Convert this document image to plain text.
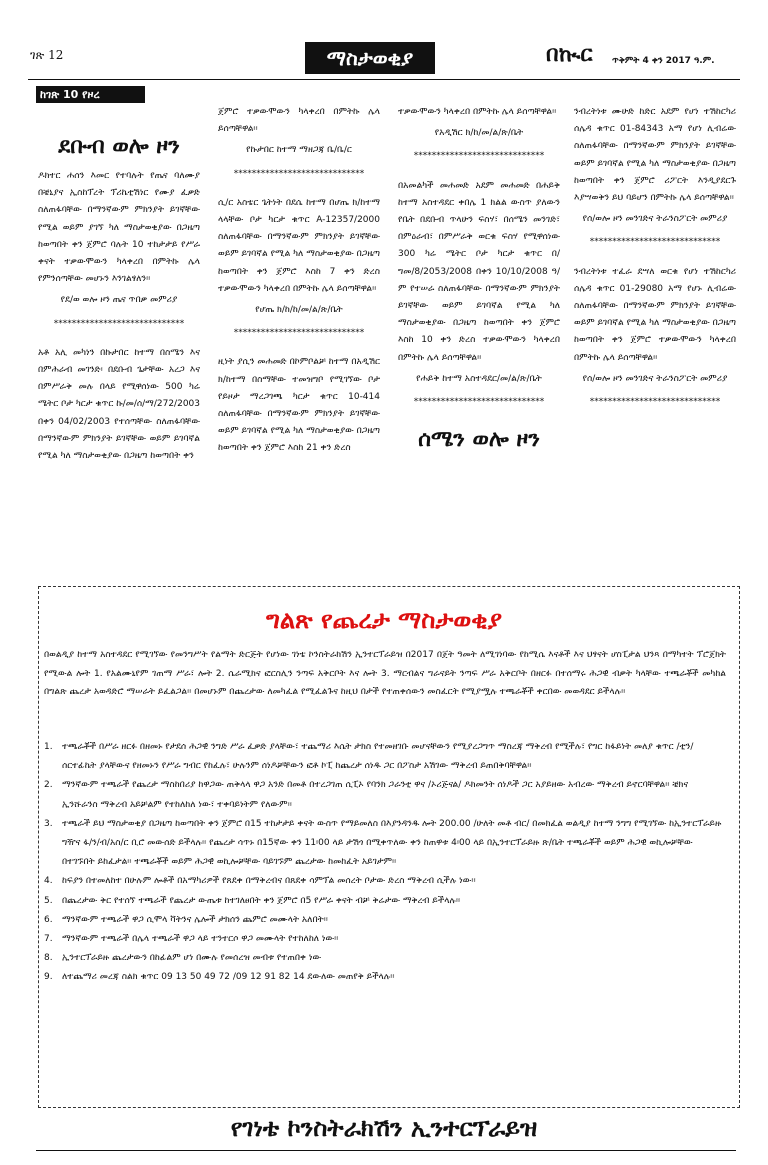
ገጽ 12	ማስታወቂያ	በኲር ጥቅምት 4 ቀን 2017 ዓ.ም.
ከገጽ 10 የዞረ
ደቡብ ወሎ ዞን

ዶክተር ሐሰን እመር የተባሉት የጤና ባለሙያ በቼኒያና ኢስከፕረት ፕሪኬቲሽነር የሙያ ፈቃድ ስለጠፋባቸው በማንኛውም ምክንያት ይገኛቸው የሚል ወይም ያገኘ ካለ ማስታወቂያው በጋዜጣ ከወጣበት ቀን ጀምሮ ባሉት 10 ተከታታይ የሥራ ቀናት ተቃውሞውን ካላቀረበ በምትኩ ሌላ የምንሰጣቸው መሆኑን እንገልፃለን፡፡

የደ/ወ ወሎ ዞን ጤና ጥበቃ መምሪያ

*****************************

አቶ አሊ መካነን በኩታበር ከተማ በስሜን እና በምሕራብ መገንድ፡ በደቡብ ጌታቸው አረጋ እና በምሥራቅ መሉ በላይ የሚዋሰነው 500 ካሬ ሜትር ቦታ ካርታ ቁጥር ኩ/መ/ሰ/ማ/272/2003 በቀን 04/02/2003 የተሰጣቸው ስለጠፋባቸው በማንኛውም ምክንያት ይገኛቸው ወይም ይገባኛል የሚል ካለ ማስታወቂያው በጋዜጣ ከወጣበት ቀን

ጀምሮ ተቃውሞውን ካላቀረበ በምትኩ ሌላ ይሰጣቸዋል፡፡

የኩታበር ከተማ ማዘጋጃ ቤ/ቤ/ር

*****************************

ሲ/ር አስቴር ጌትነት በደሴ ከተማ በሆጤ ክ/ከተማ ላላቸው ቦታ ካርታ ቁጥር A-12357/2000 ስለጠፋባቸው በማንኛውም ምክንያት ይገኛቸው ወይም ይገባኛል የሚል ካለ ማስታወቂያው በጋዜጣ ከወጣበት ቀን ጀምሮ እስከ 7 ቀን ድረስ ተቃውሞውን ካላቀረበ በምትኩ ሌላ ይሰጣቸዋል፡፡

የሆጤ ክ/ከ/ከ/መ/ል/ጽ/ቤት

*****************************

ዚነት ያሲን መሐመድ በኮምቦልቻ ከተማ በአዲሽር ክ/ከተማ በስማቸው ተመዝግቦ የሚገኘው ቦታ የይዞታ ማረጋገጫ ካርታ ቁጥር 10-414 ስለጠፋባቸው በማንኛውም ምክንያት ይገኛቸው ወይም ይገባኛል የሚል ካለ ማስታወቂያው በጋዜጣ ከወጣበት ቀን ጀምሮ እስከ 21 ቀን ድረስ

ተቃውሞውን ካላቀረበ በምትኩ ሌላ ይሰጣቸዋል፡፡

የአዲሽር ክ/ከ/መ/ል/ጽ/ቤት

*****************************

በአመልካች መሐመድ አደም መሐመድ በሐይቅ ከተማ አስተዳደር ቀበሌ 1 ክልል ውስጥ ያለውን የቤት በደቡብ ጥላሁን ፍስሃ፣ በሰሜን መንገድ፣ በምዕራብ፣ በምሥራቅ ወርቁ ፍስሃ የሚዋሰነው 300 ካሬ ሜትር ቦታ ካርታ ቁጥር በ/ግመ/8/2053/2008 በቀን 10/10/2008 ዓ/ም የተሠራ ስለጠፋባቸው በማንኛውም ምክንያት ይገኛቸው ወይም ይገባኛል የሚል ካለ ማስታወቂያው በጋዜጣ ከወጣበት ቀን ጀምሮ እስከ 10 ቀን ድረስ ተቃውሞውን ካላቀረበ በምትኩ ሌላ ይሰጣቸዋል፡፡

የሐይቅ ከተማ አስተዳደር/መ/ል/ጽ/ቤት

*****************************

ሰሜን ወሎ ዞን

ንብረትነቱ ሙሁድ ከድር አደም የሆነ ተሽከርካሪ ሰሌዳ ቁጥር 01-84343 አማ የሆነ ሊብሬው ስለጠፋባቸው በማንኛውም ምክንያት ይገኛቸው ወይም ይገባኛል የሚል ካለ ማስታወቂያው በጋዜጣ ከወጣበት ቀን ጀምሮ ሪፖርት እንዲያደርጉ እያሣወቅን ይህ ባይሆን በምትኩ ሌላ ይሰጣቸዋል፡፡

የሰ/ወሎ ዞን መንገድና ትራንስፖርት መምሪያ

*****************************

ንብረትነቱ ተፈራ ደሣለ ወርቁ የሆነ ተሽከርካሪ ሰሌዳ ቁጥር 01-29080 አማ የሆኑ ሊብሬው ስለጠፋባቸው በማንኛውም ምክንያት ይገኛቸው ወይም ይገባኛል የሚል ካለ ማስታወቂያው በጋዜጣ ከወጣበት ቀን ጀምሮ ተቃውሞውን ካላቀረበ በምትኩ ሌላ ይሰጣቸዋል፡፡

የሰ/ወሎ ዞን መንገድና ትራንስፖርት መምሪያ

*****************************

ግልጽ የጨረታ ማስታወቂያ

በወልዲያ ከተማ አስተዳደር የሚገኘው የመንግሥት የልማት ድርጅት የሆነው ገነቴ ኮንስትራክሽን ኢንተርፕራይዝ በ2017 በጀት ዓመት ለሚገነባው የከሚሴ እናቶች እና ህፃናት ሆስፒታል ህንጻ በማካተት ፕሮጀክት የሚውል ሎት 1. የአልሙኒየም ገጠማ ሥራ፣ ሎት 2. ሴራሚክና ፎርስሊን ንጣፍ አቅርቦት እና ሎት 3. ማርብልና ግራናይት ንጣፍ ሥራ አቅርቦት በዘርፉ በተሰማሩ ሕጋዊ ብቃት ካላቸው ተጫራቾች መካከል በግልጽ ጨረታ አወዳድሮ ማሠራት ይፈልጋል፡፡ በመሆኑም በጨረታው ለመካፈል የሚፈልጉና ከዚህ በታች የተጠቀሰውን መስፈርት የሚያሟሉ ተጫራቾች ቀርበው መወዳደር ይችላሉ፡፡

1.	ተጫራቾች በሥራ ዘርፉ በዘመኑ የታደሰ ሕጋዊ ንግድ ሥራ ፈቃድ ያላቸው፣ ተጨማሪ እሴት ታክስ የተመዘገቡ መሆናቸውን የሚያረጋግጥ ማስረጃ ማቅረብ የሚችሉ፣ የግር ከፋይነት መለያ ቁጥር /ቲን/ ሰርተፊኬት ያላቸውና የዘመኑን የሥራ ግብር የከፈሉ፣ ሁሉንም ሰነዶቻቸውን ፎቶ ኮፒ ከጨረታ ሰነዱ ጋር በፖስታ አሽገው ማቅረብ ይጠበቅባቸዋል፡፡
2.	ማንኛውም ተጫራች የጨረታ ማስከበሪያ ከዋጋው ጠቅላላ ዋጋ አንድ በመቶ በተረጋገጠ ሲፒኦ የባንክ ጋራንቲ ዋና /ኦሪጅናል/ ዶክመንት ሰነዶች ጋር አያይዘው አብረው ማቅረብ ይኖርባቸዋል፡፡ ቼክና ኢንሹራንስ ማቅረብ አይቻልም የተከለከለ ነው፣ ተቀባይነትም የለውም፡፡
3.	ተጫራች ይህ ማስታወቂያ በጋዜጣ ከወጣበት ቀን ጀምሮ በ15 ተከታታይ ቀናት ውስጥ የማይመለስ በእያንዳንዱ ሎት 200.00 /ሁለት መቶ ብር/ በመክፈል ወልዲያ ከተማ ንግግ የሚገኘው ከኢንተርፕራይዙ ግዥና ፋ/ን/ብ/አስ/ር ቢሮ መውሰድ ይችላሉ፡፡ የጨረታ ሳጥኑ በ15ኛው ቀን 11፡00 ላይ ታሽጎ በሚቀጥለው ቀን ከጠዋቱ 4፡00 ላይ በኢንተርፕራይዙ ጽ/ቤት ተጫራቾች ወይም ሕጋዊ ወኪሎቻቸው በተገኙበት ይከፈታል፡፡ ተጫራቾች ወይም ሕጋዊ ወኪሎቻቸው ባይገኙም ጨረታው ከመከፈት አይገታም፡፡
4.	ከፍያን በተመለከተ በሁሉም ሎቶች በአማካሪዎች የጸደቀ በማቅረብና በጸደቀ ሳምፕል መሰረት ቦታው ድረስ ማቅረብ ሲችሉ ነው፡፡
5.	በጨረታው ቅር የተሰኘ ተጫራች የጨረታ ውጤቱ ከተገለፀበት ቀን ጀምሮ በ5 የሥራ ቀናት ብቻ ቅሬታው ማቅረብ ይችላሉ፡፡
6.	ማንኛውም ተጫራች ዋጋ ሲሞላ ቫትንና ሌሎች ታክሰን ጨምሮ መሙላት አለበት፡፡
7.	ማንኛውም ተጫራች በሌላ ተጫራች ዋጋ ላይ ተንተርሶ ዋጋ መሙላት የተከለከለ ነው፡፡
8.	ኢንተርፕራይዙ ጨረታውን በከፊልም ሆነ በሙሉ የመሰረዝ መብቱ የተጠበቀ ነው
9.	ለተጨማሪ መረጃ ስልክ ቁጥር 09 13 50 49 72 /09 12 91 82 14 ደውለው መጠየቅ ይችላሉ፡፡
የገነቴ ኮንስትራክሽን ኢንተርፕራይዝ
